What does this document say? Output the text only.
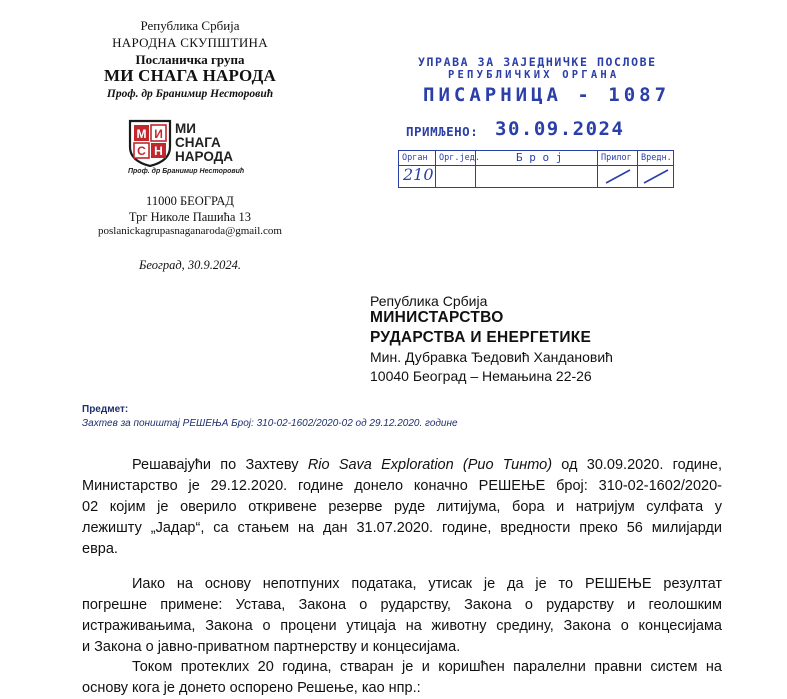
Република Србија
НАРОДНА СКУПШТИНА
Посланичка група
МИ СНАГА НАРОДА
Проф. др Бранимир Несторовић
М И
С Н
МИ
СНАГА
НАРОДА
Проф. др Бранимир Несторовић
11000 БЕОГРАД
Трг Николе Пашића 13
poslanickagrupasnaganaroda@gmail.com
Београд, 30.9.2024.
УПРАВА ЗА ЗАЈЕДНИЧКЕ ПОСЛОВЕ
РЕПУБЛИЧКИХ ОРГАНА
ПИСАРНИЦА - 1087
ПРИМЉЕНО: 30.09.2024
Орган
210
Орг.јед.	Б р о ј	Прилог Вредн.
Република Србија
МИНИСТАРСТВО
РУДАРСТВА И ЕНЕРГЕТИКЕ
Мин. Дубравка Ђедовић Хандановић
10040 Београд – Немањина 22-26
Предмет:
Захтев за поништај РЕШЕЊА Број: 310-02-1602/2020-02 од 29.12.2020. године
Решавајући по Захтеву Rio Sava Exploration (Рио Тинто) од 30.09.2020. године,
Министарство је 29.12.2020. године донело коначно РЕШЕЊЕ број: 310-02-1602/2020-
02 којим је оверило откривене резерве руде литијума, бора и натријум сулфата у
лежишту „Јадар“, са стањем на дан 31.07.2020. године, вредности преко 56 милијарди
евра.
Иако на основу непотпуних података, утисак је да је то РЕШЕЊЕ резултат
погрешне примене: Устава, Закона о рударству, Закона о рударству и геолошким
истраживањима, Закона о процени утицаја на животну средину, Закона о концесијама
и Закона о јавно-приватном партнерству и концесијама.
Током протеклих 20 година, стваран је и коришћен паралелни правни систем на
основу кога је донето оспорено Решење, као нпр.:
